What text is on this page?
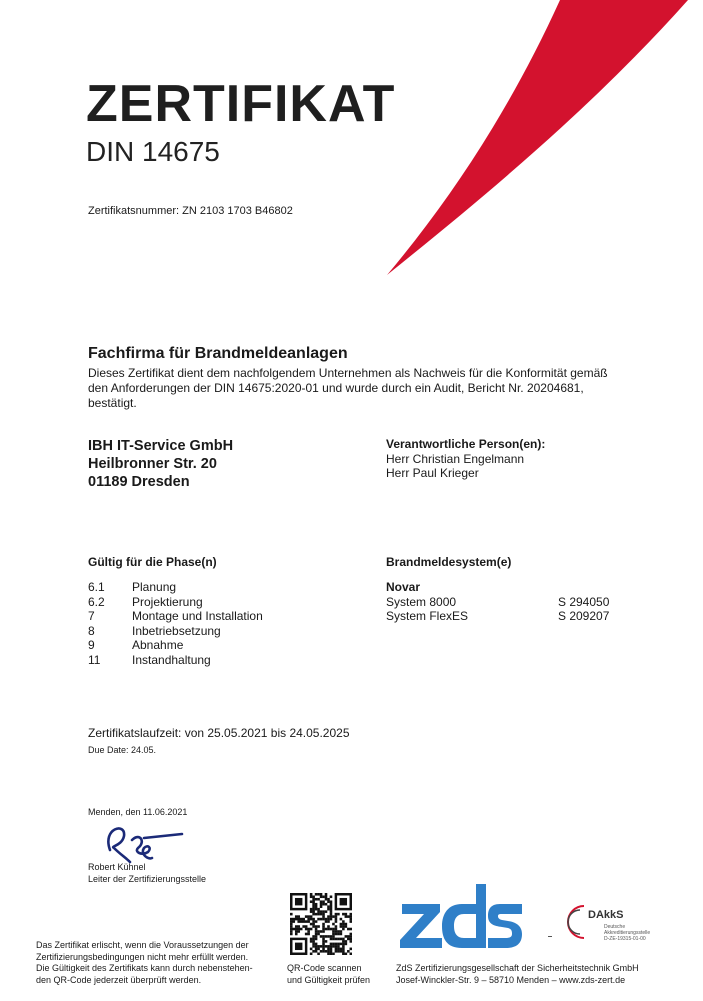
ZERTIFIKAT
DIN 14675
Zertifikatsnummer: ZN 2103 1703 B46802
Fachfirma für Brandmeldeanlagen
Dieses Zertifikat dient dem nachfolgendem Unternehmen als Nachweis für die Konformität gemäß
den Anforderungen der DIN 14675:2020-01 und wurde durch ein Audit, Bericht Nr. 20204681,
bestätigt.
IBH IT-Service GmbH
Heilbronner Str. 20
01189 Dresden
Verantwortliche Person(en):
Herr Christian Engelmann
Herr Paul Krieger
Gültig für die Phase(n)	Brandmeldesystem(e)
6.1	Planung
6.2	Projektierung
7	Montage und Installation
8	Inbetriebsetzung
9	Abnahme
11	Instandhaltung
Novar
System 8000	S 294050
System FlexES	S 209207
Zertifikatslaufzeit: von 25.05.2021 bis 24.05.2025
Due Date: 24.05.
Menden, den 11.06.2021
Robert Kühnel
Leiter der Zertifizierungsstelle
Das Zertifikat erlischt, wenn die Voraussetzungen der
Zertifizierungsbedingungen nicht mehr erfüllt werden.
Die Gültigkeit des Zertifikats kann durch nebenstehen-
den QR-Code jederzeit überprüft werden.
QR-Code scannen
und Gültigkeit prüfen
ZdS Zertifizierungsgesellschaft der Sicherheitstechnik GmbH
Josef-Winckler-Str. 9 – 58710 Menden – www.zds-zert.de
DAkkS
Deutsche
Akkreditierungsstelle
D-ZE-19315-01-00
